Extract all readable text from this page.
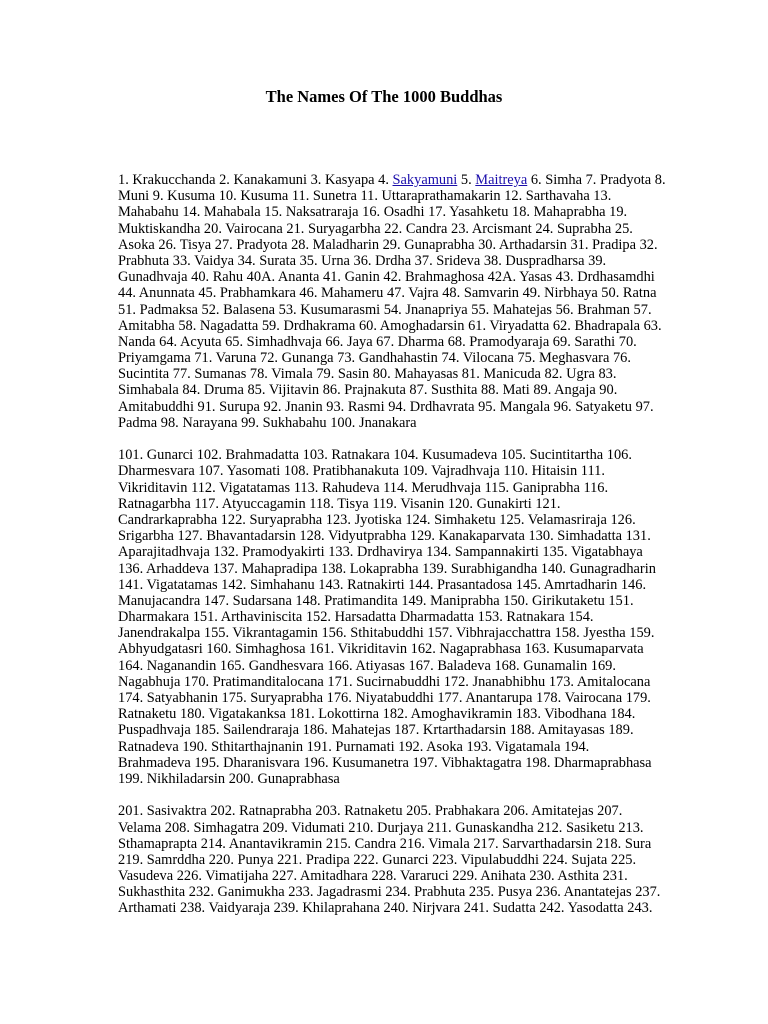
The Names Of The 1000 Buddhas
1. Krakucchanda 2. Kanakamuni 3. Kasyapa 4. Sakyamuni 5. Maitreya 6. Simha 7. Pradyota 8.
Muni 9. Kusuma 10. Kusuma 11. Sunetra 11. Uttaraprathamakarin 12. Sarthavaha 13.
Mahabahu 14. Mahabala 15. Naksatraraja 16. Osadhi 17. Yasahketu 18. Mahaprabha 19.
Muktiskandha 20. Vairocana 21. Suryagarbha 22. Candra 23. Arcismant 24. Suprabha 25.
Asoka 26. Tisya 27. Pradyota 28. Maladharin 29. Gunaprabha 30. Arthadarsin 31. Pradipa 32.
Prabhuta 33. Vaidya 34. Surata 35. Urna 36. Drdha 37. Srideva 38. Duspradharsa 39.
Gunadhvaja 40. Rahu 40A. Ananta 41. Ganin 42. Brahmaghosa 42A. Yasas 43. Drdhasamdhi
44. Anunnata 45. Prabhamkara 46. Mahameru 47. Vajra 48. Samvarin 49. Nirbhaya 50. Ratna
51. Padmaksa 52. Balasena 53. Kusumarasmi 54. Jnanapriya 55. Mahatejas 56. Brahman 57.
Amitabha 58. Nagadatta 59. Drdhakrama 60. Amoghadarsin 61. Viryadatta 62. Bhadrapala 63.
Nanda 64. Acyuta 65. Simhadhvaja 66. Jaya 67. Dharma 68. Pramodyaraja 69. Sarathi 70.
Priyamgama 71. Varuna 72. Gunanga 73. Gandhahastin 74. Vilocana 75. Meghasvara 76.
Sucintita 77. Sumanas 78. Vimala 79. Sasin 80. Mahayasas 81. Manicuda 82. Ugra 83.
Simhabala 84. Druma 85. Vijitavin 86. Prajnakuta 87. Susthita 88. Mati 89. Angaja 90.
Amitabuddhi 91. Surupa 92. Jnanin 93. Rasmi 94. Drdhavrata 95. Mangala 96. Satyaketu 97.
Padma 98. Narayana 99. Sukhabahu 100. Jnanakara
101. Gunarci 102. Brahmadatta 103. Ratnakara 104. Kusumadeva 105. Sucintitartha 106.
Dharmesvara 107. Yasomati 108. Pratibhanakuta 109. Vajradhvaja 110. Hitaisin 111.
Vikriditavin 112. Vigatatamas 113. Rahudeva 114. Merudhvaja 115. Ganiprabha 116.
Ratnagarbha 117. Atyuccagamin 118. Tisya 119. Visanin 120. Gunakirti 121.
Candrarkaprabha 122. Suryaprabha 123. Jyotiska 124. Simhaketu 125. Velamasriraja 126.
Srigarbha 127. Bhavantadarsin 128. Vidyutprabha 129. Kanakaparvata 130. Simhadatta 131.
Aparajitadhvaja 132. Pramodyakirti 133. Drdhavirya 134. Sampannakirti 135. Vigatabhaya
136. Arhaddeva 137. Mahapradipa 138. Lokaprabha 139. Surabhigandha 140. Gunagradharin
141. Vigatatamas 142. Simhahanu 143. Ratnakirti 144. Prasantadosa 145. Amrtadharin 146.
Manujacandra 147. Sudarsana 148. Pratimandita 149. Maniprabha 150. Girikutaketu 151.
Dharmakara 151. Arthaviniscita 152. Harsadatta Dharmadatta 153. Ratnakara 154.
Janendrakalpa 155. Vikrantagamin 156. Sthitabuddhi 157. Vibhrajacchattra 158. Jyestha 159.
Abhyudgatasri 160. Simhaghosa 161. Vikriditavin 162. Nagaprabhasa 163. Kusumaparvata
164. Naganandin 165. Gandhesvara 166. Atiyasas 167. Baladeva 168. Gunamalin 169.
Nagabhuja 170. Pratimanditalocana 171. Sucirnabuddhi 172. Jnanabhibhu 173. Amitalocana
174. Satyabhanin 175. Suryaprabha 176. Niyatabuddhi 177. Anantarupa 178. Vairocana 179.
Ratnaketu 180. Vigatakanksa 181. Lokottirna 182. Amoghavikramin 183. Vibodhana 184.
Puspadhvaja 185. Sailendraraja 186. Mahatejas 187. Krtarthadarsin 188. Amitayasas 189.
Ratnadeva 190. Sthitarthajnanin 191. Purnamati 192. Asoka 193. Vigatamala 194.
Brahmadeva 195. Dharanisvara 196. Kusumanetra 197. Vibhaktagatra 198. Dharmaprabhasa
199. Nikhiladarsin 200. Gunaprabhasa
201. Sasivaktra 202. Ratnaprabha 203. Ratnaketu 205. Prabhakara 206. Amitatejas 207.
Velama 208. Simhagatra 209. Vidumati 210. Durjaya 211. Gunaskandha 212. Sasiketu 213.
Sthamaprapta 214. Anantavikramin 215. Candra 216. Vimala 217. Sarvarthadarsin 218. Sura
219. Samrddha 220. Punya 221. Pradipa 222. Gunarci 223. Vipulabuddhi 224. Sujata 225.
Vasudeva 226. Vimatijaha 227. Amitadhara 228. Vararuci 229. Anihata 230. Asthita 231.
Sukhasthita 232. Ganimukha 233. Jagadrasmi 234. Prabhuta 235. Pusya 236. Anantatejas 237.
Arthamati 238. Vaidyaraja 239. Khilaprahana 240. Nirjvara 241. Sudatta 242. Yasodatta 243.
